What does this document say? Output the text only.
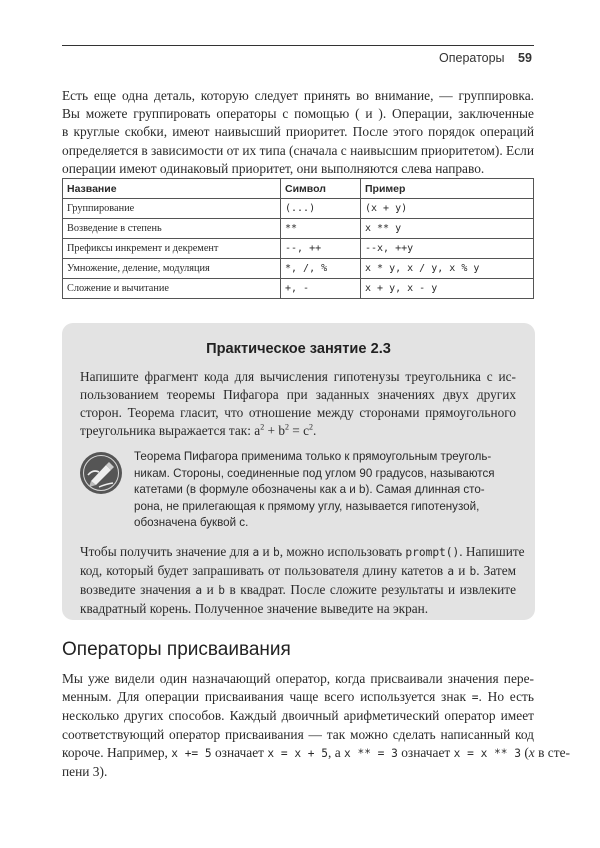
Операторы 59
Есть еще одна деталь, которую следует принять во внимание, — группировка.
Вы можете группировать операторы с помощью ( и ). Операции, заключенные
в круглые скобки, имеют наивысший приоритет. После этого порядок операций
определяется в зависимости от их типа (сначала с наивысшим приоритетом). Если
операции имеют одинаковый приоритет, они выполняются слева направо.
Название	Символ	Пример
Группирование	(...)	(x + y)
Возведение в степень	**	x ** y
Префиксы инкремент и декремент	--, ++	--x, ++y
Умножение, деление, модуляция	*, /, %	x * y, x / y, x % y
Сложение и вычитание	+, -	x + y, x - y
Практическое занятие 2.3
Напишите фрагмент кода для вычисления гипотенузы треугольника с ис-
пользованием теоремы Пифагора при заданных значениях двух других
сторон. Теорема гласит, что отношение между сторонами прямоугольного
треугольника выражается так: $a^2 + b^2 = c^2$.
Теорема Пифагора применима только к прямоугольным треуголь-
никам. Стороны, соединенные под углом 90 градусов, называются
катетами (в формуле обозначены как a и b). Самая длинная сто-
рона, не прилегающая к прямому углу, называется гипотенузой,
обозначена буквой c.
Чтобы получить значение для a и b, можно использовать prompt(). Напишите
код, который будет запрашивать от пользователя длину катетов a и b. Затем
возведите значения a и b в квадрат. После сложите результаты и извлеките
квадратный корень. Полученное значение выведите на экран.
Операторы присваивания
Мы уже видели один назначающий оператор, когда присваивали значения пере-
менным. Для операции присваивания чаще всего используется знак =. Но есть
несколько других способов. Каждый двоичный арифметический оператор имеет
соответствующий оператор присваивания — так можно сделать написанный код
короче. Например, x += 5 означает x = x + 5, а x ** = 3 означает x = x ** 3 (x в сте-
пени 3).
